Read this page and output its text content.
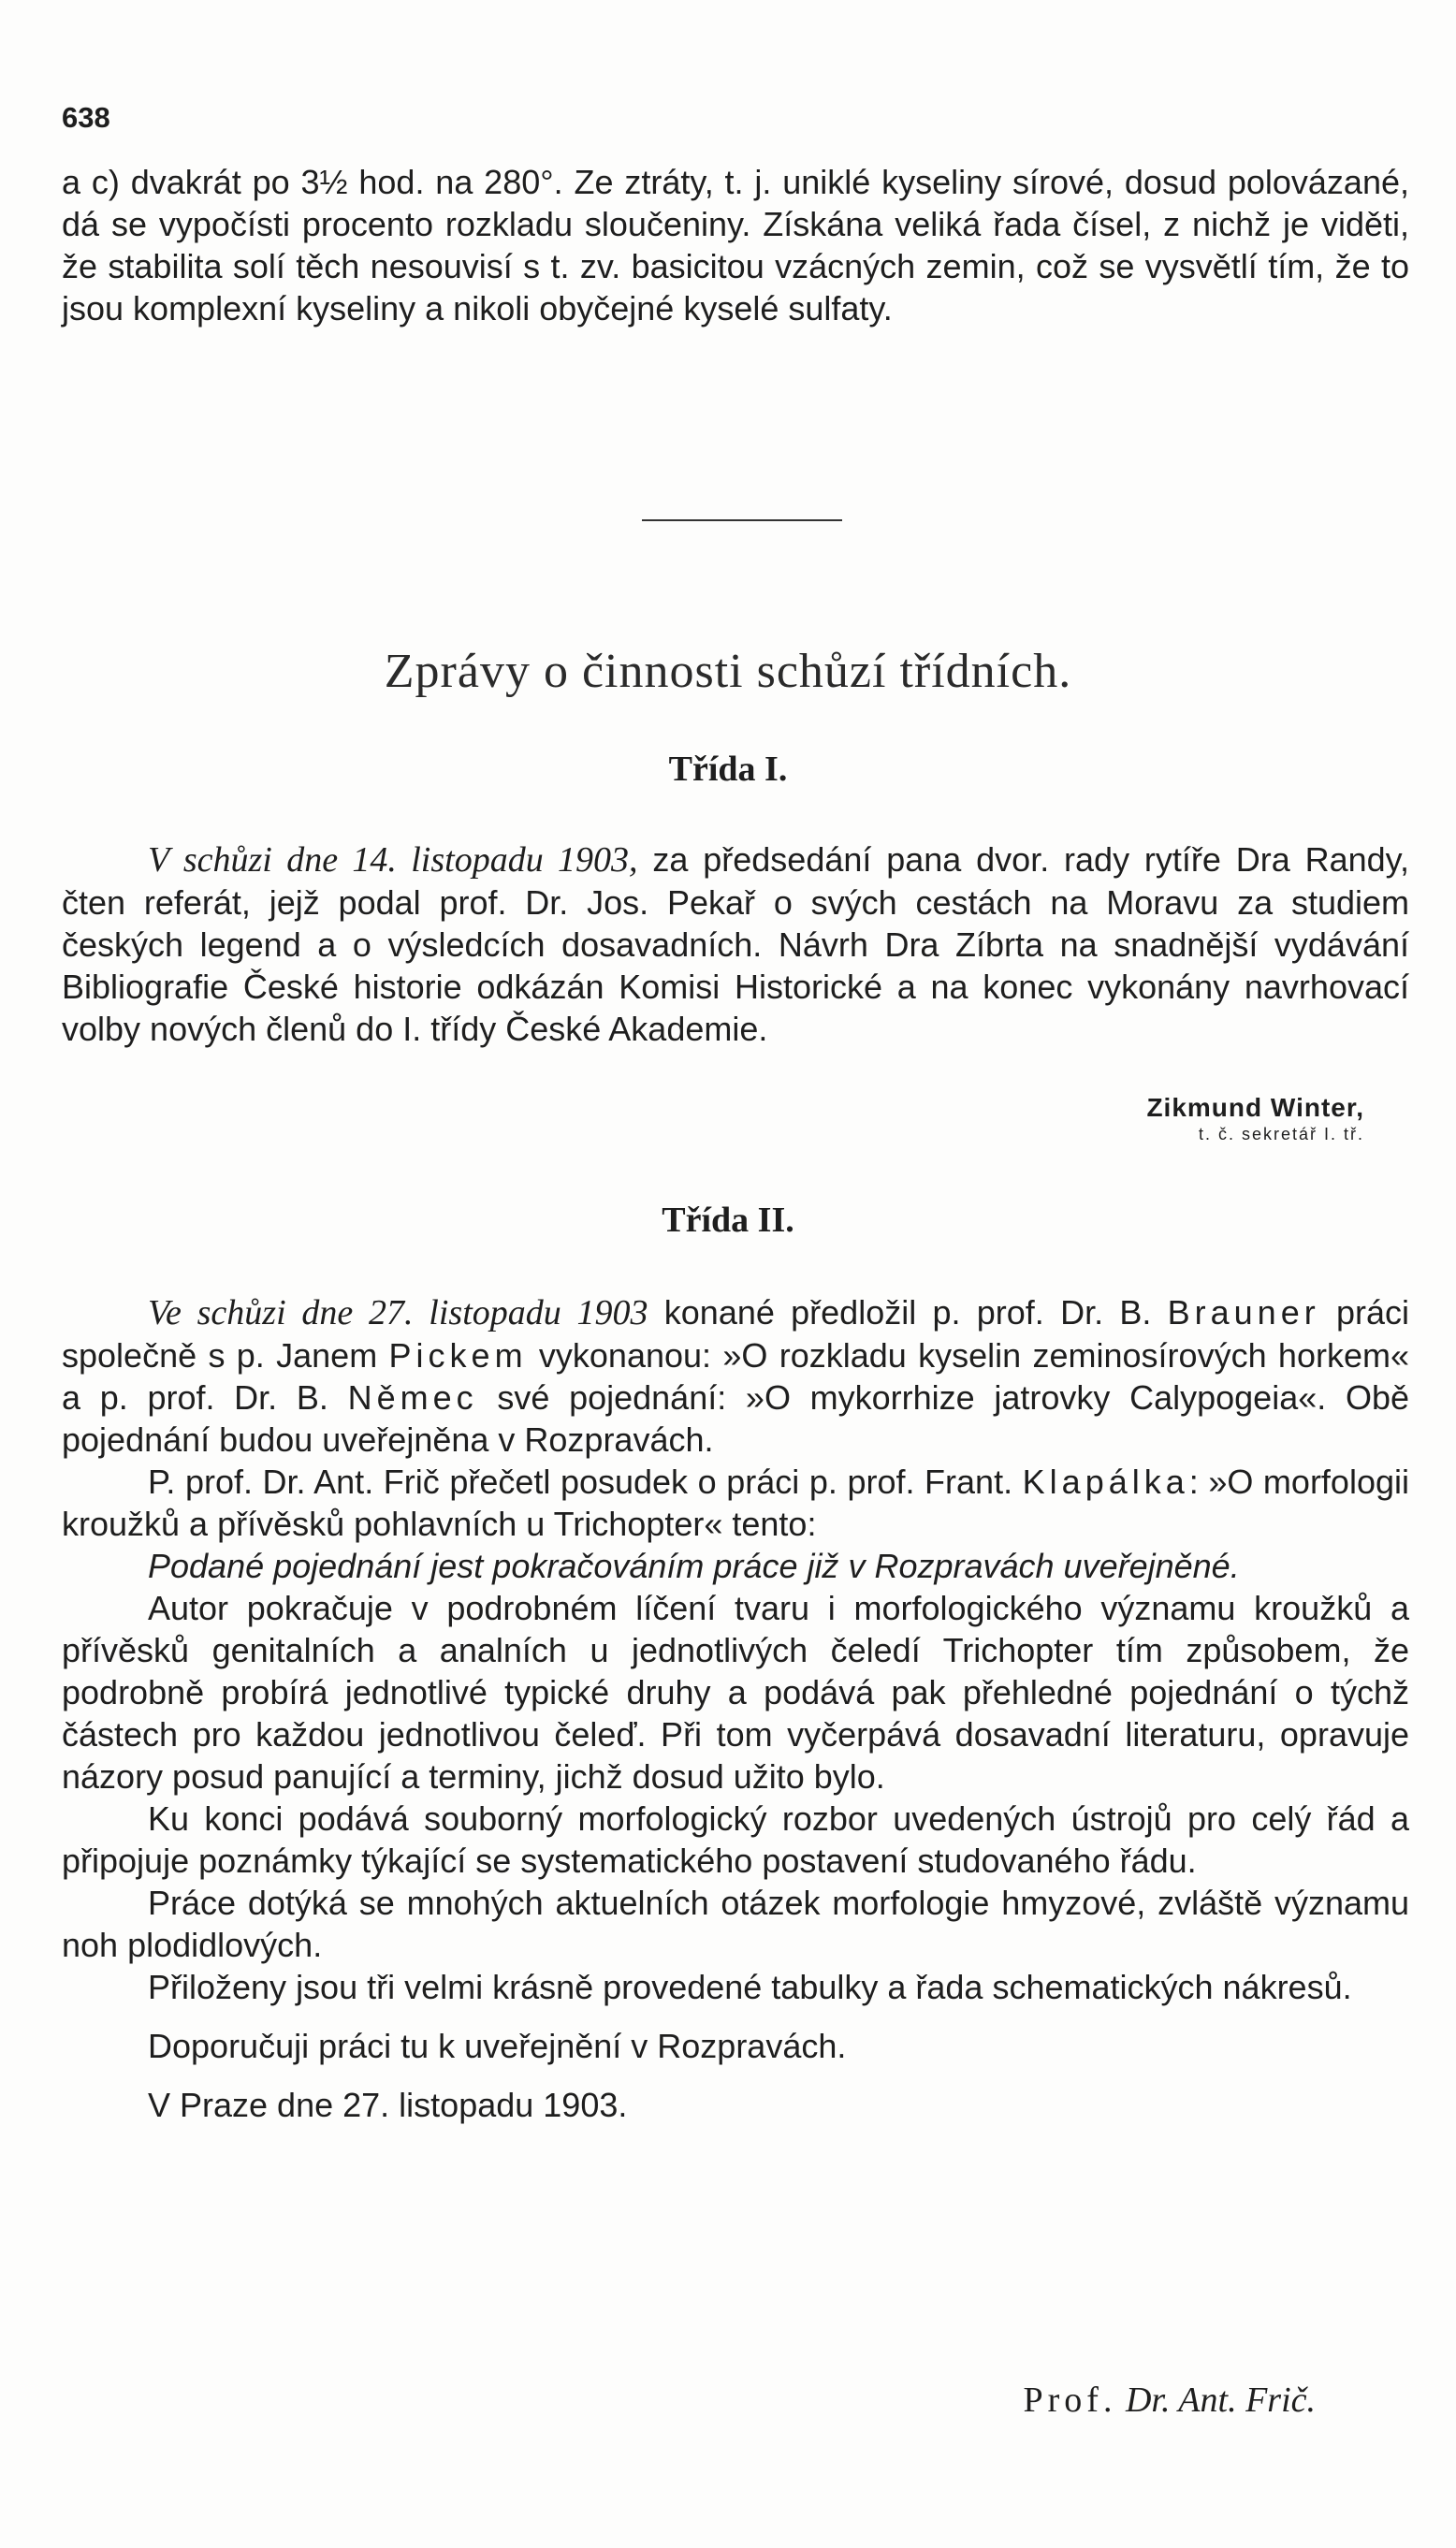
638

a c) dvakrát po 3½ hod. na 280°. Ze ztráty, t. j. uniklé kyseliny sírové, dosud polovázané, dá se vypočísti procento rozkladu sloučeniny. Získána veliká řada čísel, z nichž je viděti, že stabilita solí těch nesouvisí s t. zv. basicitou vzácných zemin, což se vysvětlí tím, že to jsou komplexní kyseliny a nikoli obyčejné kyselé sulfaty.

Zprávy o činnosti schůzí třídních.
Třída I.

V schůzi dne 14. listopadu 1903, za předsedání pana dvor. rady rytíře Dra Randy, čten referát, jejž podal prof. Dr. Jos. Pekař o svých cestách na Moravu za studiem českých legend a o výsledcích dosavadních. Návrh Dra Zíbrta na snadnější vydávání Bibliografie České historie odkázán Komisi Historické a na konec vykonány navrhovací volby nových členů do I. třídy České Akademie.

Zikmund Winter,
t. č. sekretář I. tř.
Třída II.

Ve schůzi dne 27. listopadu 1903 konané předložil p. prof. Dr. B. Brauner práci společně s p. Janem Pickem vykonanou: »O rozkladu kyselin zeminosírových horkem« a p. prof. Dr. B. Němec své pojednání: »O mykorrhize jatrovky Calypogeia«. Obě pojednání budou uveřejněna v Rozpravách.

P. prof. Dr. Ant. Frič přečetl posudek o práci p. prof. Frant. Klapálka: »O morfologii kroužků a přívěsků pohlavních u Trichopter« tento:

Podané pojednání jest pokračováním práce již v Rozpravách uveřejněné.

Autor pokračuje v podrobném líčení tvaru i morfologického významu kroužků a přívěsků genitalních a analních u jednotlivých čeledí Trichopter tím způsobem, že podrobně probírá jednotlivé typické druhy a podává pak přehledné pojednání o týchž částech pro každou jednotlivou čeleď. Při tom vyčerpává dosavadní literaturu, opravuje názory posud panující a terminy, jichž dosud užito bylo.

Ku konci podává souborný morfologický rozbor uvedených ústrojů pro celý řád a připojuje poznámky týkající se systematického postavení studovaného řádu.

Práce dotýká se mnohých aktuelních otázek morfologie hmyzové, zvláště významu noh plodidlových.

Přiloženy jsou tři velmi krásně provedené tabulky a řada schematických nákresů.

Doporučuji práci tu k uveřejnění v Rozpravách.

V Praze dne 27. listopadu 1903.

Prof. Dr. Ant. Frič.
